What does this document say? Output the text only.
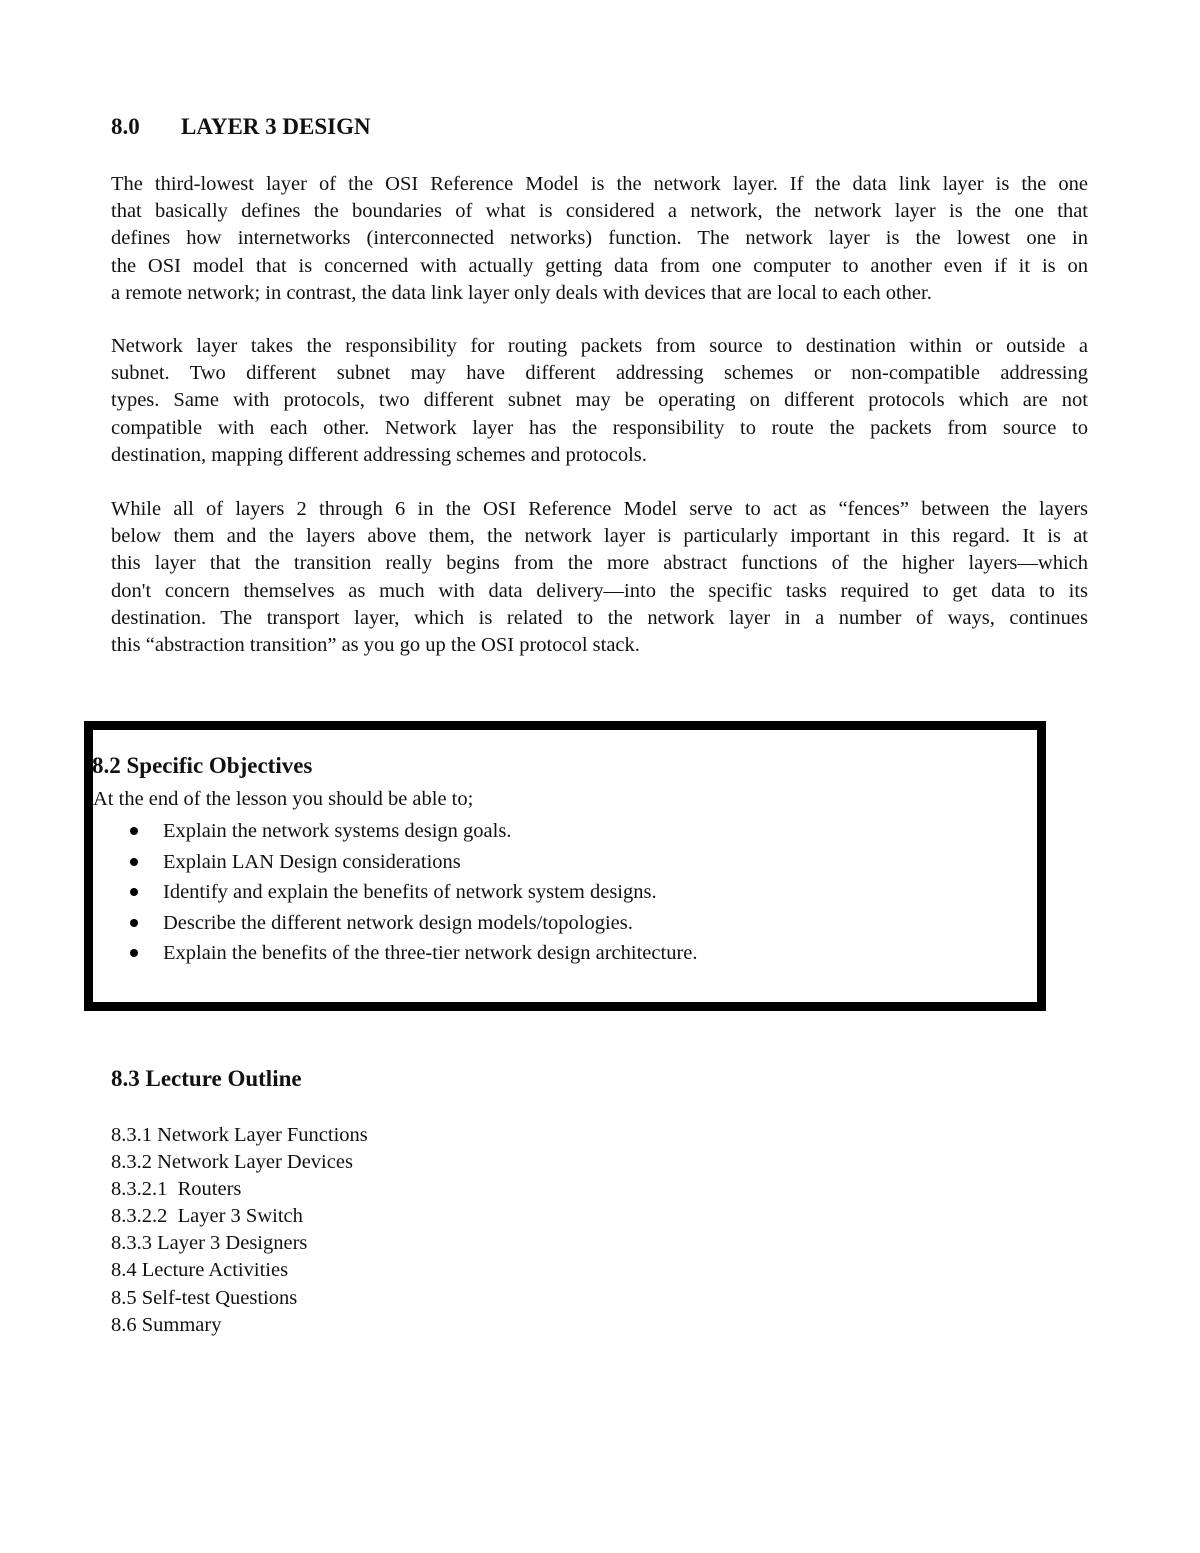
8.0 LAYER 3 DESIGN
The third-lowest layer of the OSI Reference Model is the network layer. If the data link layer is the one
that basically defines the boundaries of what is considered a network, the network layer is the one that
defines how internetworks (interconnected networks) function. The network layer is the lowest one in
the OSI model that is concerned with actually getting data from one computer to another even if it is on
a remote network; in contrast, the data link layer only deals with devices that are local to each other.
Network layer takes the responsibility for routing packets from source to destination within or outside a
subnet. Two different subnet may have different addressing schemes or non-compatible addressing
types. Same with protocols, two different subnet may be operating on different protocols which are not
compatible with each other. Network layer has the responsibility to route the packets from source to
destination, mapping different addressing schemes and protocols.
While all of layers 2 through 6 in the OSI Reference Model serve to act as “fences” between the layers
below them and the layers above them, the network layer is particularly important in this regard. It is at
this layer that the transition really begins from the more abstract functions of the higher layers—which
don't concern themselves as much with data delivery—into the specific tasks required to get data to its
destination. The transport layer, which is related to the network layer in a number of ways, continues
this “abstraction transition” as you go up the OSI protocol stack.
8.2 Specific Objectives
At the end of the lesson you should be able to;
Explain the network systems design goals.
Explain LAN Design considerations
Identify and explain the benefits of network system designs.
Describe the different network design models/topologies.
Explain the benefits of the three-tier network design architecture.
8.3 Lecture Outline
8.3.1 Network Layer Functions
8.3.2 Network Layer Devices
8.3.2.1  Routers
8.3.2.2  Layer 3 Switch
8.3.3 Layer 3 Designers
8.4 Lecture Activities
8.5 Self-test Questions
8.6 Summary
